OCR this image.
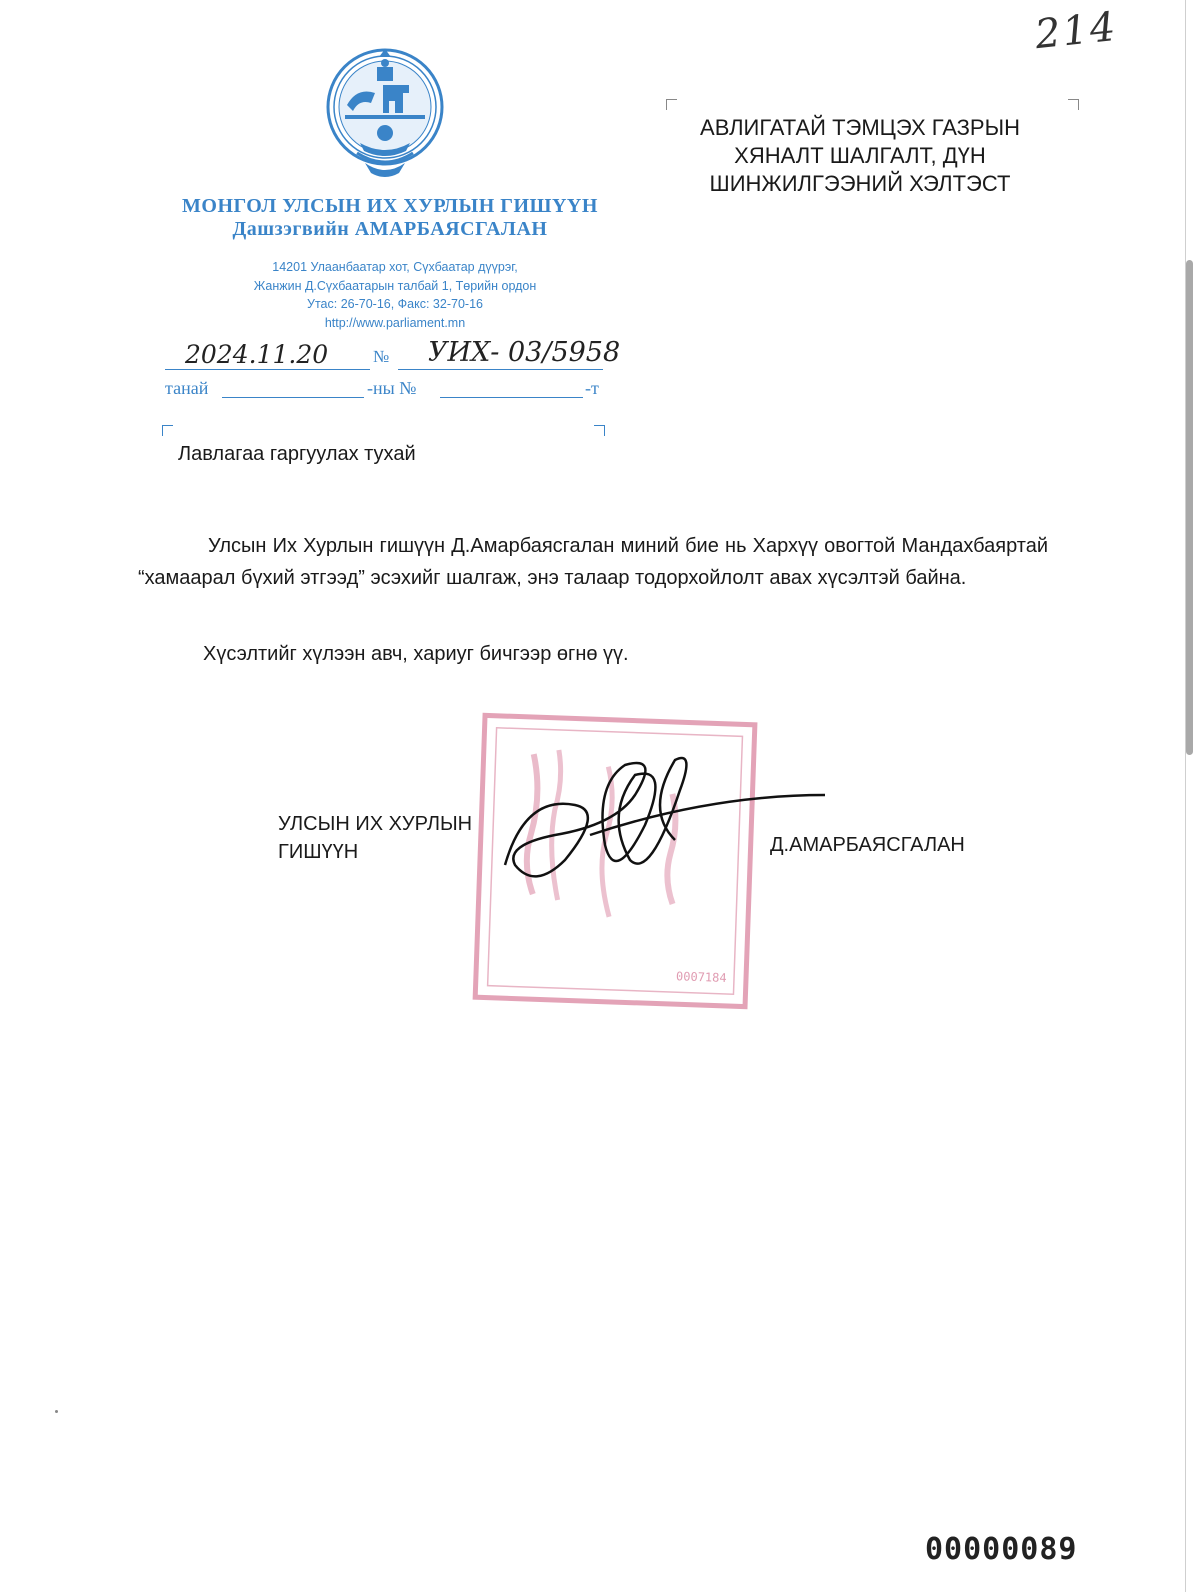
214
МОНГОЛ УЛСЫН ИХ ХУРЛЫН ГИШҮҮН
Дашзэгвийн АМАРБАЯСГАЛАН
14201 Улаанбаатар хот, Сүхбаатар дүүрэг,
Жанжин Д.Сүхбаатарын талбай 1, Төрийн ордон
Утас: 26-70-16, Факс: 32-70-16
http://www.parliament.mn
2024.11.20	№ УИХ- 03/5958
танай	-ны №	-т
АВЛИГАТАЙ ТЭМЦЭХ ГАЗРЫН
ХЯНАЛТ ШАЛГАЛТ, ДҮН
ШИНЖИЛГЭЭНИЙ ХЭЛТЭСТ
Лавлагаа гаргуулах тухай
Улсын Их Хурлын гишүүн Д.Амарбаясгалан миний бие нь Хархүү овогтой Мандахбаяртай “хамаарал бүхий этгээд” эсэхийг шалгаж, энэ талаар тодорхойлолт авах хүсэлтэй байна.
Хүсэлтийг хүлээн авч, хариуг бичгээр өгнө үү.
0007184
УЛСЫН ИХ ХУРЛЫН
ГИШҮҮН	Д.АМАРБАЯСГАЛАН
00000089
